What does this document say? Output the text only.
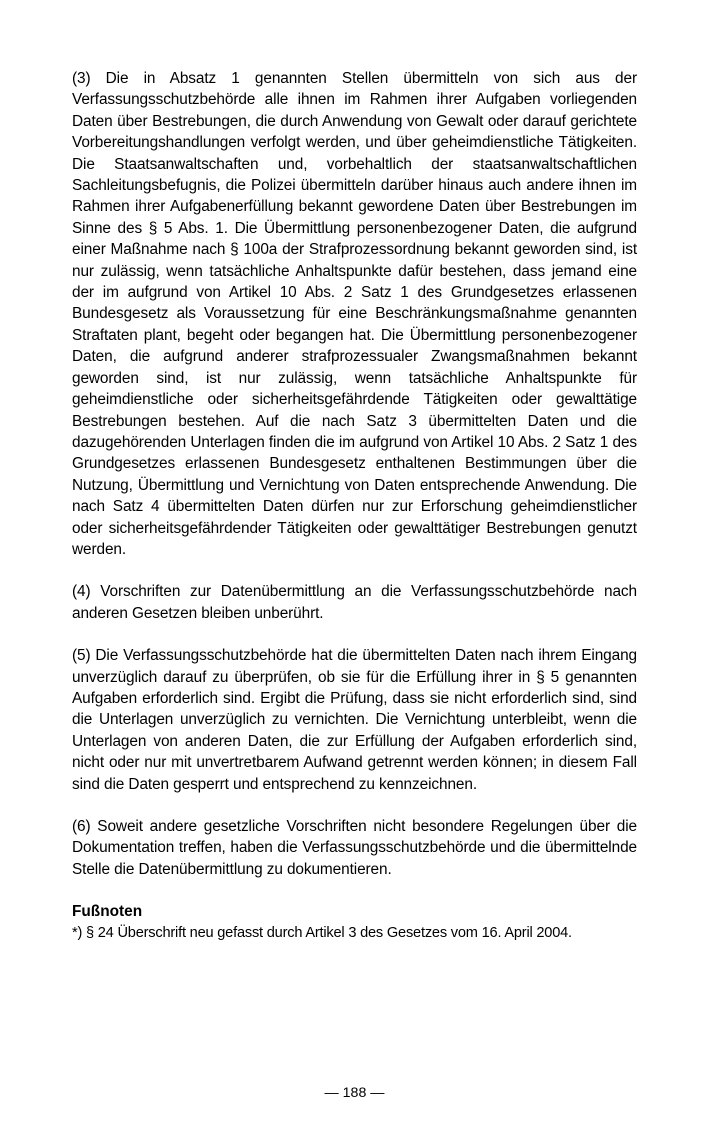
(3) Die in Absatz 1 genannten Stellen übermitteln von sich aus der Verfassungsschutzbehörde alle ihnen im Rahmen ihrer Aufgaben vorliegenden Daten über Bestrebungen, die durch Anwendung von Gewalt oder darauf gerichtete Vorbereitungshandlungen verfolgt werden, und über geheimdienstliche Tätigkeiten. Die Staatsanwaltschaften und, vorbehaltlich der staatsanwaltschaftlichen Sachleitungsbefugnis, die Polizei übermitteln darüber hinaus auch andere ihnen im Rahmen ihrer Aufgabenerfüllung bekannt gewordene Daten über Bestrebungen im Sinne des § 5 Abs. 1. Die Übermittlung personenbezogener Daten, die aufgrund einer Maßnahme nach § 100a der Strafprozessordnung bekannt geworden sind, ist nur zulässig, wenn tatsächliche Anhaltspunkte dafür bestehen, dass jemand eine der im aufgrund von Artikel 10 Abs. 2 Satz 1 des Grundgesetzes erlassenen Bundesgesetz als Voraussetzung für eine Beschränkungsmaßnahme genannten Straftaten plant, begeht oder begangen hat. Die Übermittlung personenbezogener Daten, die aufgrund anderer strafprozessualer Zwangsmaßnahmen bekannt geworden sind, ist nur zulässig, wenn tatsächliche Anhaltspunkte für geheimdienstliche oder sicherheitsgefährdende Tätigkeiten oder gewalttätige Bestrebungen bestehen. Auf die nach Satz 3 übermittelten Daten und die dazugehörenden Unterlagen finden die im aufgrund von Artikel 10 Abs. 2 Satz 1 des Grundgesetzes erlassenen Bundesgesetz enthaltenen Bestimmungen über die Nutzung, Übermittlung und Vernichtung von Daten entsprechende Anwendung. Die nach Satz 4 übermittelten Daten dürfen nur zur Erforschung geheimdienstlicher oder sicherheitsgefährdender Tätigkeiten oder gewalttätiger Bestrebungen genutzt werden.

(4) Vorschriften zur Datenübermittlung an die Verfassungsschutzbehörde nach anderen Gesetzen bleiben unberührt.

(5) Die Verfassungsschutzbehörde hat die übermittelten Daten nach ihrem Eingang unverzüglich darauf zu überprüfen, ob sie für die Erfüllung ihrer in § 5 genannten Aufgaben erforderlich sind. Ergibt die Prüfung, dass sie nicht erforderlich sind, sind die Unterlagen unverzüglich zu vernichten. Die Vernichtung unterbleibt, wenn die Unterlagen von anderen Daten, die zur Erfüllung der Aufgaben erforderlich sind, nicht oder nur mit unvertretbarem Aufwand getrennt werden können; in diesem Fall sind die Daten gesperrt und entsprechend zu kennzeichnen.

(6) Soweit andere gesetzliche Vorschriften nicht besondere Regelungen über die Dokumentation treffen, haben die Verfassungsschutzbehörde und die übermittelnde Stelle die Datenübermittlung zu dokumentieren.

Fußnoten
*) § 24 Überschrift neu gefasst durch Artikel 3 des Gesetzes vom 16. April 2004.
— 188 —
